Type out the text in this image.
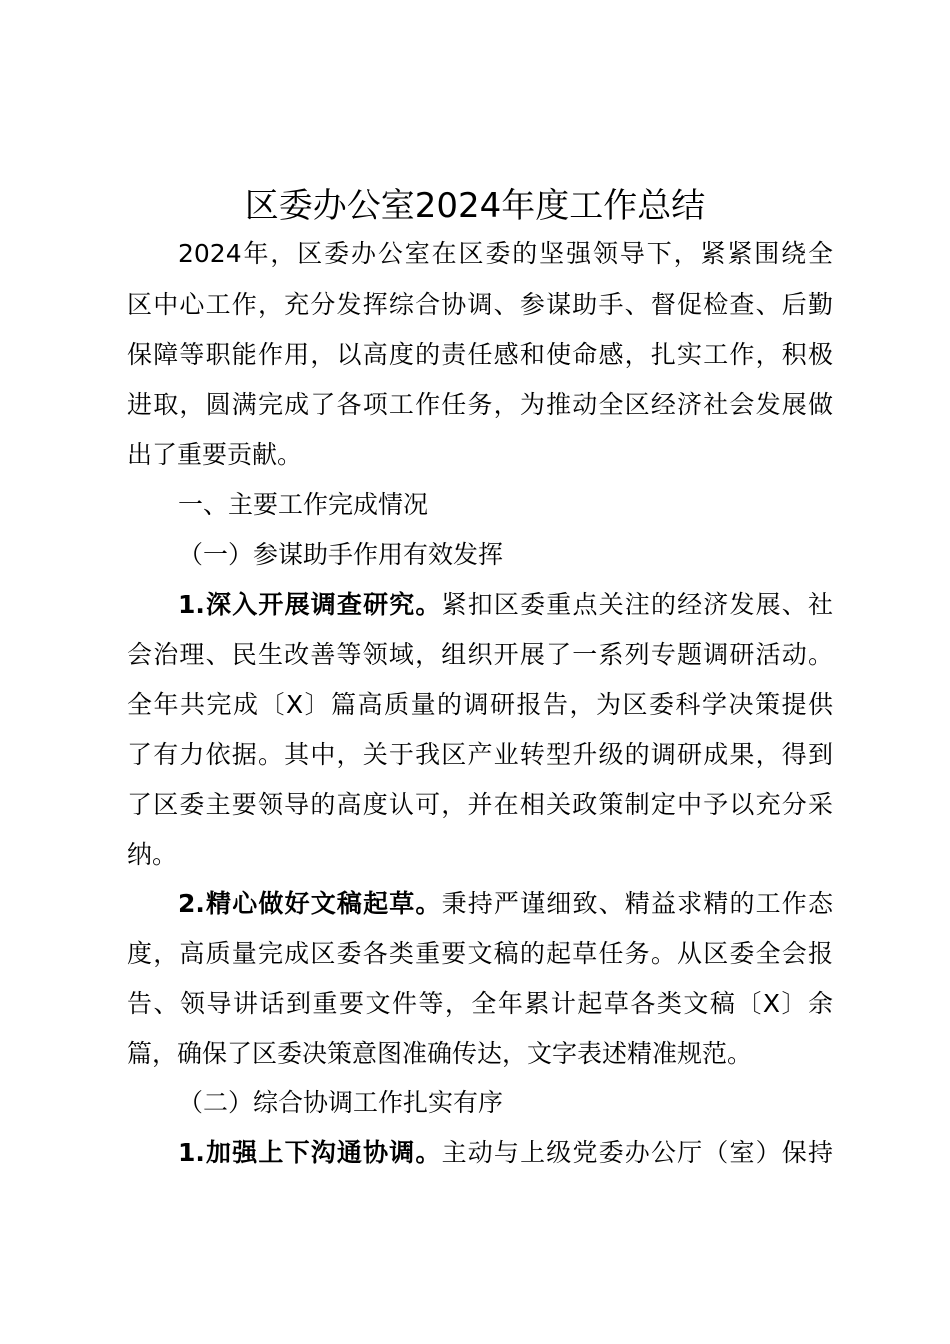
区委办公室2024年度工作总结
2024年，区委办公室在区委的坚强领导下，紧紧围绕全
区中心工作，充分发挥综合协调、参谋助手、督促检查、后勤
保障等职能作用，以高度的责任感和使命感，扎实工作，积极
进取，圆满完成了各项工作任务，为推动全区经济社会发展做
出了重要贡献。
一、主要工作完成情况
（一）参谋助手作用有效发挥
1.深入开展调查研究。紧扣区委重点关注的经济发展、社
会治理、民生改善等领域，组织开展了一系列专题调研活动。
全年共完成〔X〕篇高质量的调研报告，为区委科学决策提供
了有力依据。其中，关于我区产业转型升级的调研成果，得到
了区委主要领导的高度认可，并在相关政策制定中予以充分采
纳。
2.精心做好文稿起草。秉持严谨细致、精益求精的工作态
度，高质量完成区委各类重要文稿的起草任务。从区委全会报
告、领导讲话到重要文件等，全年累计起草各类文稿〔X〕余
篇，确保了区委决策意图准确传达，文字表述精准规范。
（二）综合协调工作扎实有序
1.加强上下沟通协调。主动与上级党委办公厅（室）保持
